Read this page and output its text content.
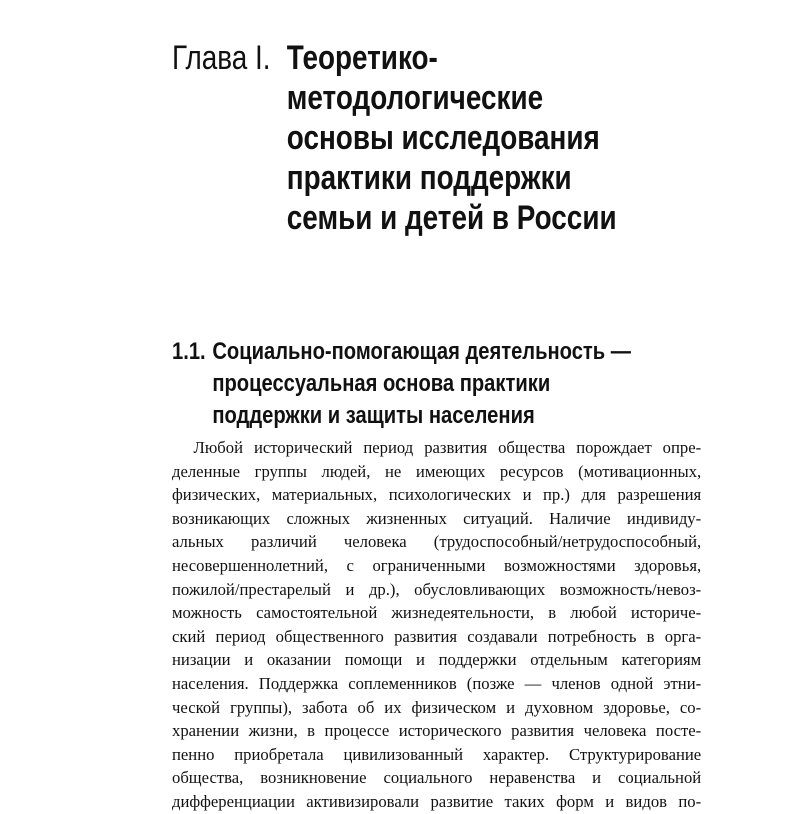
Глава I. Теоретико-
методологические
основы исследования
практики поддержки
семьи и детей в России
1.1. Социально-помогающая деятельность —
процессуальная основа практики
поддержки и защиты населения
Любой исторический период развития общества порождает опре-
деленные группы людей, не имеющих ресурсов (мотивационных,
физических, материальных, психологических и пр.) для разрешения
возникающих сложных жизненных ситуаций. Наличие индивиду-
альных различий человека (трудоспособный/нетрудоспособный,
несовершеннолетний, с ограниченными возможностями здоровья,
пожилой/престарелый и др.), обусловливающих возможность/невоз-
можность самостоятельной жизнедеятельности, в любой историче-
ский период общественного развития создавали потребность в орга-
низации и оказании помощи и поддержки отдельным категориям
населения. Поддержка соплеменников (позже — членов одной этни-
ческой группы), забота об их физическом и духовном здоровье, со-
хранении жизни, в процессе исторического развития человека посте-
пенно приобретала цивилизованный характер. Структурирование
общества, возникновение социального неравенства и социальной
дифференциации активизировали развитие таких форм и видов по-
